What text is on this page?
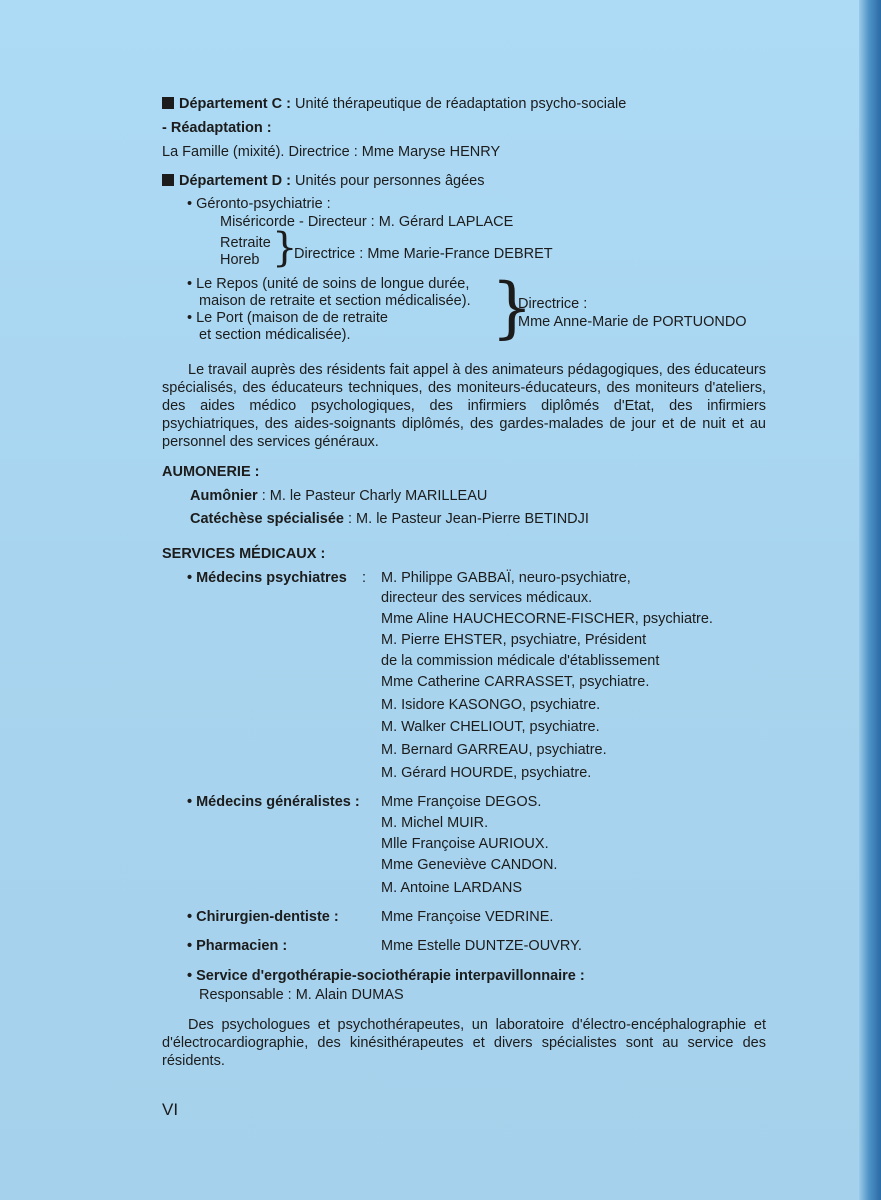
Département C : Unité thérapeutique de réadaptation psycho-sociale
- Réadaptation :
La Famille (mixité). Directrice : Mme Maryse HENRY
Département D : Unités pour personnes âgées
• Géronto-psychiatrie :
Miséricorde - Directeur : M. Gérard LAPLACE
Retraite
Horeb }
Directrice : Mme Marie-France DEBRET
• Le Repos (unité de soins de longue durée,
maison de retraite et section médicalisée).
• Le Port (maison de de retraite
et section médicalisée). }
Directrice :
Mme Anne-Marie de PORTUONDO
Le travail auprès des résidents fait appel à des animateurs pédagogiques, des éducateurs spécialisés, des éducateurs techniques, des moniteurs-éducateurs, des moniteurs d'ateliers, des aides médico psychologiques, des infirmiers diplômés d'Etat, des infirmiers psychiatriques, des aides-soignants diplômés, des gardes-malades de jour et de nuit et au personnel des services généraux.
AUMONERIE :
Aumônier : M. le Pasteur Charly MARILLEAU
Catéchèse spécialisée : M. le Pasteur Jean-Pierre BETINDJI
SERVICES MÉDICAUX :
• Médecins psychiatres : M. Philippe GABBAÏ, neuro-psychiatre,
directeur des services médicaux.
Mme Aline HAUCHECORNE-FISCHER, psychiatre.
M. Pierre EHSTER, psychiatre, Président
de la commission médicale d'établissement
Mme Catherine CARRASSET, psychiatre.
M. Isidore KASONGO, psychiatre.
M. Walker CHELIOUT, psychiatre.
M. Bernard GARREAU, psychiatre.
M. Gérard HOURDE, psychiatre.
• Médecins généralistes : Mme Françoise DEGOS.
M. Michel MUIR.
Mlle Françoise AURIOUX.
Mme Geneviève CANDON.
M. Antoine LARDANS
• Chirurgien-dentiste :	Mme Françoise VEDRINE.
• Pharmacien :	Mme Estelle DUNTZE-OUVRY.
• Service d'ergothérapie-sociothérapie interpavillonnaire :
Responsable : M. Alain DUMAS
Des psychologues et psychothérapeutes, un laboratoire d'électro-encéphalographie et d'électrocardiographie, des kinésithérapeutes et divers spécialistes sont au service des résidents.
VI
